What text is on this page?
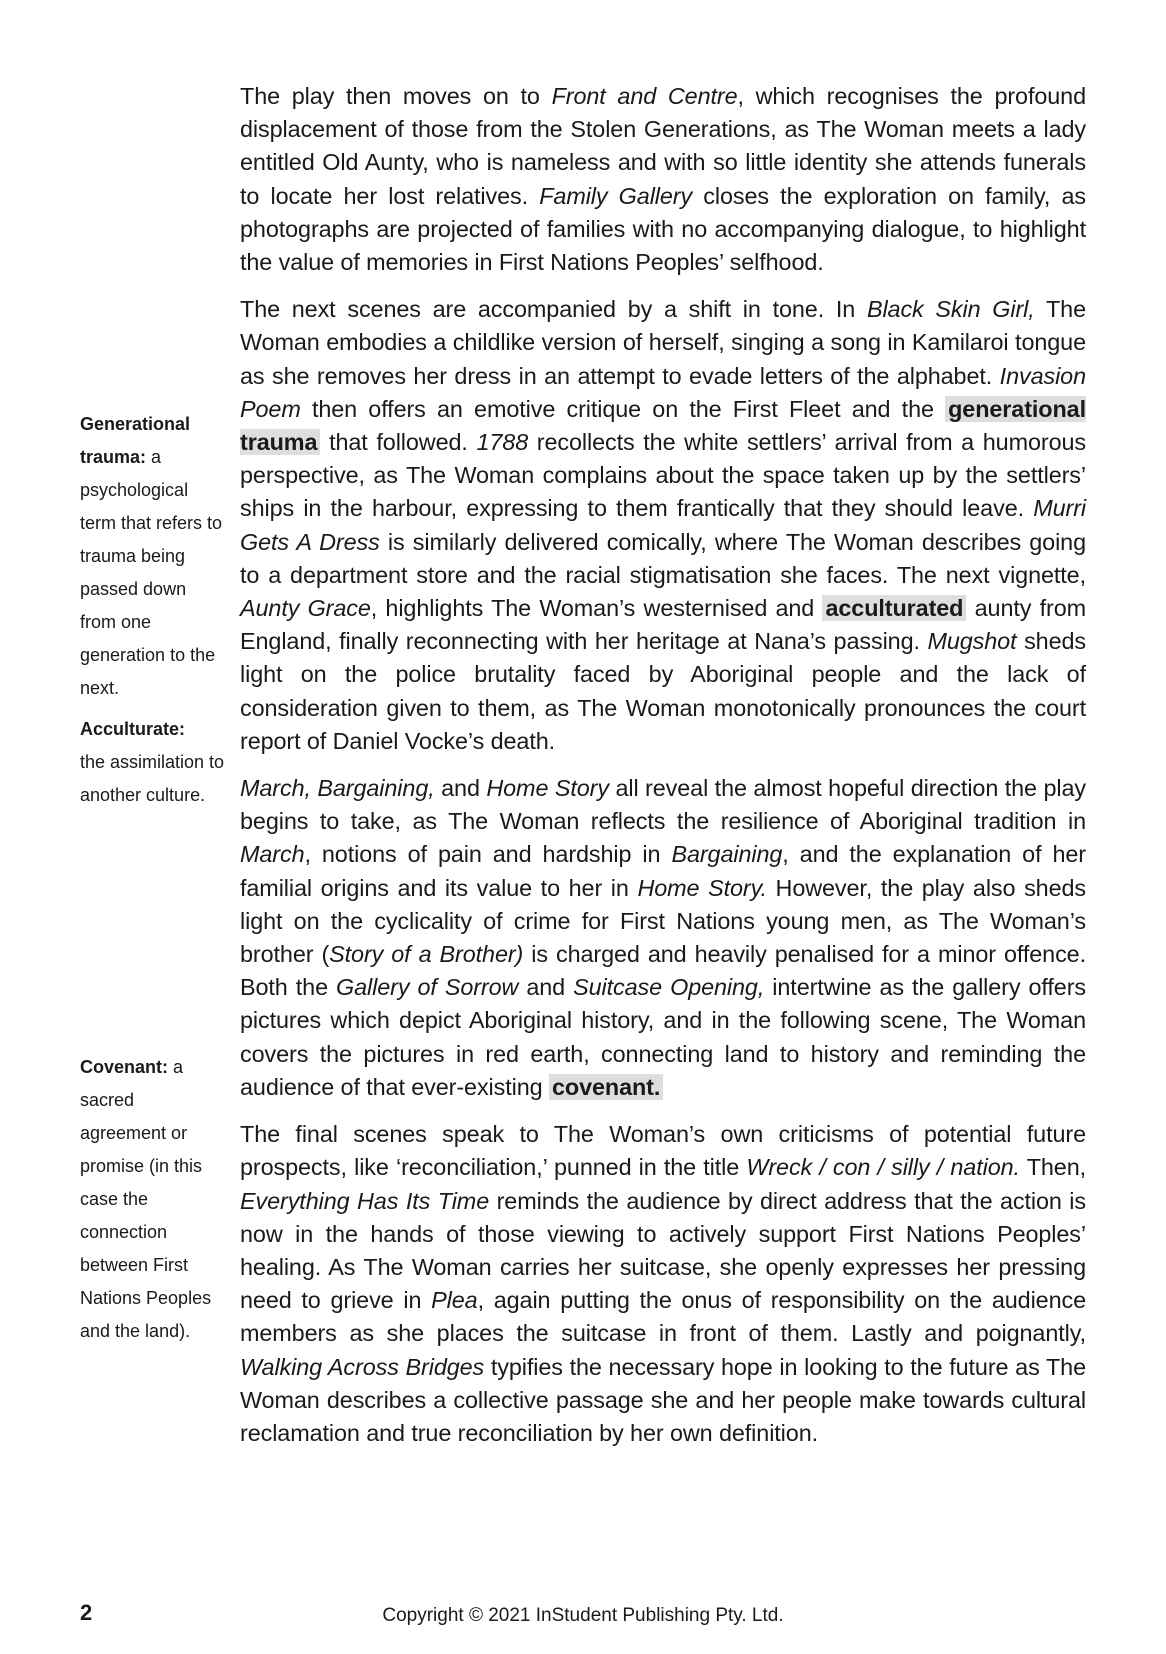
Generational trauma: a psychological term that refers to trauma being passed down from one generation to the next.
Acculturate:
the assimilation to another culture.
Covenant: a sacred agreement or promise (in this case the connection between First Nations Peoples and the land).

The play then moves on to Front and Centre, which recognises the profound displacement of those from the Stolen Generations, as The Woman meets a lady entitled Old Aunty, who is nameless and with so little identity she attends funerals to locate her lost relatives. Family Gallery closes the exploration on family, as photographs are projected of families with no accompanying dialogue, to highlight the value of memories in First Nations Peoples’ selfhood.

The next scenes are accompanied by a shift in tone. In Black Skin Girl, The Woman embodies a childlike version of herself, singing a song in Kamilaroi tongue as she removes her dress in an attempt to evade letters of the alphabet. Invasion Poem then offers an emotive critique on the First Fleet and the generational trauma that followed. 1788 recollects the white settlers’ arrival from a humorous perspective, as The Woman complains about the space taken up by the settlers’ ships in the harbour, expressing to them frantically that they should leave. Murri Gets A Dress is similarly delivered comically, where The Woman describes going to a department store and the racial stigmatisation she faces. The next vignette, Aunty Grace, highlights The Woman’s westernised and acculturated aunty from England, finally reconnecting with her heritage at Nana’s passing. Mugshot sheds light on the police brutality faced by Aboriginal people and the lack of consideration given to them, as The Woman monotonically pronounces the court report of Daniel Vocke’s death.

March, Bargaining, and Home Story all reveal the almost hopeful direction the play begins to take, as The Woman reflects the resilience of Aboriginal tradition in March, notions of pain and hardship in Bargaining, and the explanation of her familial origins and its value to her in Home Story. However, the play also sheds light on the cyclicality of crime for First Nations young men, as The Woman’s brother (Story of a Brother) is charged and heavily penalised for a minor offence. Both the Gallery of Sorrow and Suitcase Opening, intertwine as the gallery offers pictures which depict Aboriginal history, and in the following scene, The Woman covers the pictures in red earth, connecting land to history and reminding the audience of that ever-existing covenant.

The final scenes speak to The Woman’s own criticisms of potential future prospects, like ‘reconciliation,’ punned in the title Wreck / con / silly / nation. Then, Everything Has Its Time reminds the audience by direct address that the action is now in the hands of those viewing to actively support First Nations Peoples’ healing. As The Woman carries her suitcase, she openly expresses her pressing need to grieve in Plea, again putting the onus of responsibility on the audience members as she places the suitcase in front of them. Lastly and poignantly, Walking Across Bridges typifies the necessary hope in looking to the future as The Woman describes a collective passage she and her people make towards cultural reclamation and true reconciliation by her own definition.

2	Copyright © 2021 InStudent Publishing Pty. Ltd.
